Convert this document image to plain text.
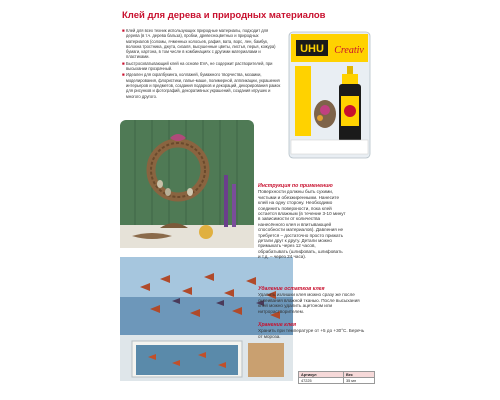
Клей для дерева и природных материалов

■ Клей для всех техник использующих природные материалы, подходит для дерева (в т.ч. дерева бальза), пробки, древесноцветных и природных материалов (соломы, ячменных колосьев, рафия, вата, ворс, лен, бамбук, волокна тростника, джута, сизаля, высушенные цветы, листья, перья, кожура) бумаги, картона, в том числе в комбинациях с другими материалами и пластиками.

■ Быстросхватывающий клей на основе EVA, не содержит растворителей, при высыхании прозрачный.

■ Идеален для скрапбукинга, коллажей, бумажного творчества, мозаики, моделирования, флористики, папье-маше, полимерной, аппликации, украшения интерьеров и предметов, создания подарков и декораций, декорирования рамок для рисунков и фотографий, декоративных украшений, создания игрушек и многого другого.

UHU Creativ
Инструкция по применению

Поверхности должны быть сухими, чистыми и обезжиренными. Нанесите клей на одну сторону. Необходимо соединить поверхности, пока клей остается влажным (в течение 3-10 минут в зависимости от количества нанесённого клея и впитывающей способности материалов). Давления не требуется – достаточно просто прижать детали друг к другу. Детали можно примыкать через 12 часов, обрабатывать (шлифовать, шлифовать и т.д. – через 24 часа).

Удаление остатков клея

Удалить излишки клея можно сразу же после склеивания влажной тканью. После высыхания клей можно удалить ацетоном или нитрорастворителем.

Хранение клея

Хранить при температуре от +5 до +30°С. Беречь от мороза.

Артикул	Вес
47225	35 мл
